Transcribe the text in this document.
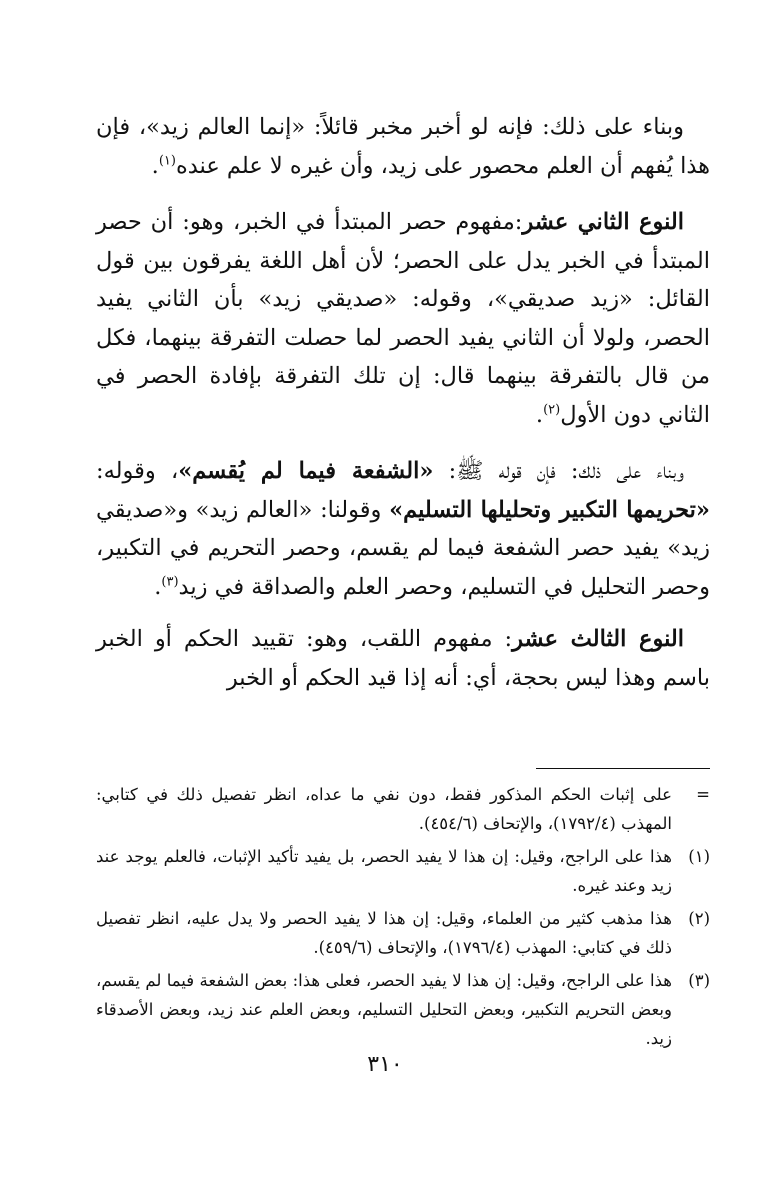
وبناء على ذلك: فإنه لو أخبر مخبر قائلاً: «إنما العالم زيد»، فإن هذا يُفهم أن العلم محصور على زيد، وأن غيره لا علم عنده$^{(١)}$.

النوع الثاني عشر:مفهوم حصر المبتدأ في الخبر، وهو: أن حصر المبتدأ في الخبر يدل على الحصر؛ لأن أهل اللغة يفرقون بين قول القائل: «زيد صديقي»، وقوله: «صديقي زيد» بأن الثاني يفيد الحصر، ولولا أن الثاني يفيد الحصر لما حصلت التفرقة بينهما، فكل من قال بالتفرقة بينهما قال: إن تلك التفرقة بإفادة الحصر في الثاني دون الأول$^{(٢)}$.

وبناء على ذلك: فإن قوله ﷺ: «الشفعة فيما لم يُقسم»، وقوله: «تحريمها التكبير وتحليلها التسليم» وقولنا: «العالم زيد» و«صديقي زيد» يفيد حصر الشفعة فيما لم يقسم، وحصر التحريم في التكبير، وحصر التحليل في التسليم، وحصر العلم والصداقة في زيد$^{(٣)}$.

النوع الثالث عشر: مفهوم اللقب، وهو: تقييد الحكم أو الخبر باسم وهذا ليس بحجة، أي: أنه إذا قيد الحكم أو الخبر

=
على إثبات الحكم المذكور فقط، دون نفي ما عداه، انظر تفصيل ذلك في كتابي: المهذب (١٧٩٢/٤)، والإتحاف (٤٥٤/٦).
(١)
هذا على الراجح، وقيل: إن هذا لا يفيد الحصر، بل يفيد تأكيد الإثبات، فالعلم يوجد عند زيد وعند غيره.
(٢)
هذا مذهب كثير من العلماء، وقيل: إن هذا لا يفيد الحصر ولا يدل عليه، انظر تفصيل ذلك في كتابي: المهذب (١٧٩٦/٤)، والإتحاف (٤٥٩/٦).
(٣)
هذا على الراجح، وقيل: إن هذا لا يفيد الحصر، فعلى هذا: بعض الشفعة فيما لم يقسم، وبعض التحريم التكبير، وبعض التحليل التسليم، وبعض العلم عند زيد، وبعض الأصدقاء زيد.
٣١٠
